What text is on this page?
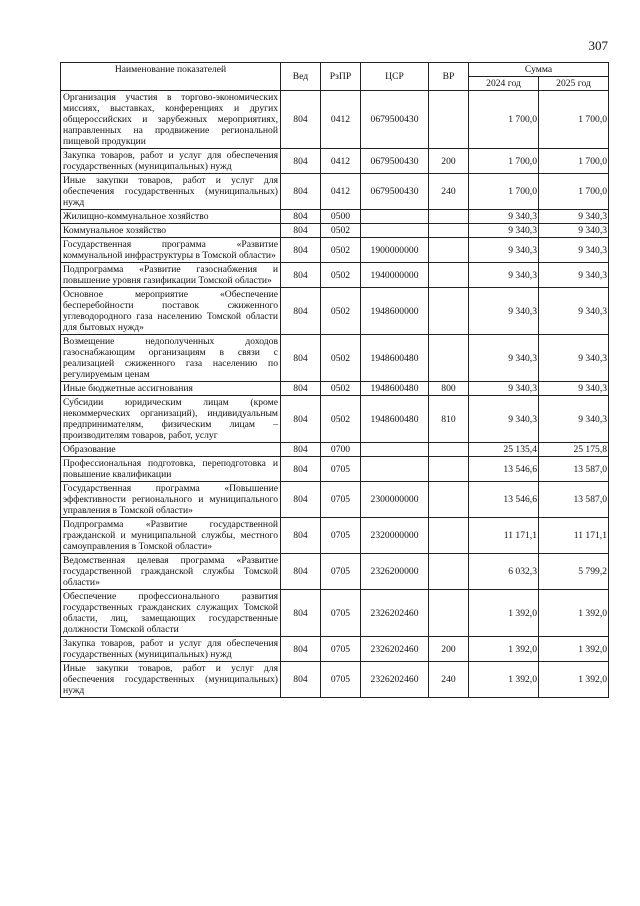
307
Наименование показателей	Вед	РзПР	ЦСР	ВР	Сумма	
					2024 год	2025 год
Организация участия в торгово-экономических миссиях, выставках, конференциях и других общероссийских и зарубежных мероприятиях, направленных на продвижение региональной пищевой продукции	804	0412	0679500430		1 700,0	1 700,0
Закупка товаров, работ и услуг для обеспечения государственных (муниципальных) нужд	804	0412	0679500430	200	1 700,0	1 700,0
Иные закупки товаров, работ и услуг для обеспечения государственных (муниципальных) нужд	804	0412	0679500430	240	1 700,0	1 700,0
Жилищно-коммунальное хозяйство	804	0500			9 340,3	9 340,3
Коммунальное хозяйство	804	0502			9 340,3	9 340,3
Государственная программа «Развитие коммунальной инфраструктуры в Томской области»	804	0502	1900000000		9 340,3	9 340,3
Подпрограмма «Развитие газоснабжения и повышение уровня газификации Томской области»	804	0502	1940000000		9 340,3	9 340,3
Основное мероприятие «Обеспечение бесперебойности поставок сжиженного углеводородного газа населению Томской области для бытовых нужд»	804	0502	1948600000		9 340,3	9 340,3
Возмещение недополученных доходов газоснабжающим организациям в связи с реализацией сжиженного газа населению по регулируемым ценам	804	0502	1948600480		9 340,3	9 340,3
Иные бюджетные ассигнования	804	0502	1948600480	800	9 340,3	9 340,3
Субсидии юридическим лицам (кроме некоммерческих организаций), индивидуальным предпринимателям, физическим лицам – производителям товаров, работ, услуг	804	0502	1948600480	810	9 340,3	9 340,3
Образование	804	0700			25 135,4	25 175,8
Профессиональная подготовка, переподготовка и повышение квалификации	804	0705			13 546,6	13 587,0
Государственная программа «Повышение эффективности регионального и муниципального управления в Томской области»	804	0705	2300000000		13 546,6	13 587,0
Подпрограмма «Развитие государственной гражданской и муниципальной службы, местного самоуправления в Томской области»	804	0705	2320000000		11 171,1	11 171,1
Ведомственная целевая программа «Развитие государственной гражданской службы Томской области»	804	0705	2326200000		6 032,3	5 799,2
Обеспечение профессионального развития государственных гражданских служащих Томской области, лиц, замещающих государственные должности Томской области	804	0705	2326202460		1 392,0	1 392,0
Закупка товаров, работ и услуг для обеспечения государственных (муниципальных) нужд	804	0705	2326202460	200	1 392,0	1 392,0
Иные закупки товаров, работ и услуг для обеспечения государственных (муниципальных) нужд	804	0705	2326202460	240	1 392,0	1 392,0
